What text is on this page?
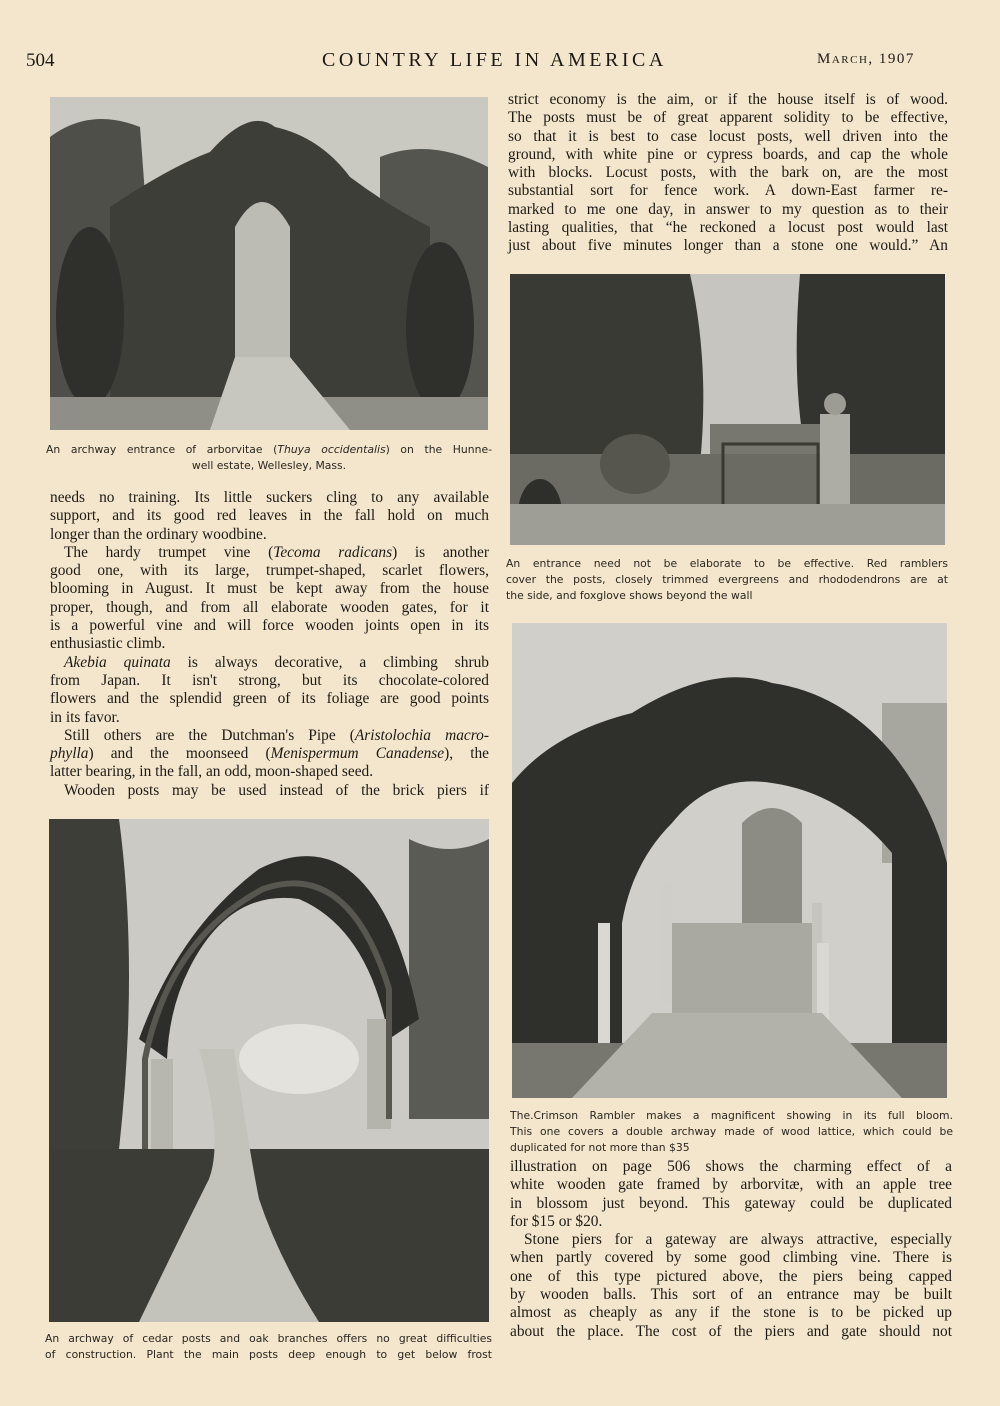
504	COUNTRY LIFE IN AMERICA	March, 1907

An archway entrance of arborvitae (Thuya occidentalis) on the Hunne-
well estate, Wellesley, Mass.

strict economy is the aim, or if the house itself is of wood.
The posts must be of great apparent solidity to be effective,
so that it is best to case locust posts, well driven into the
ground, with white pine or cypress boards, and cap the whole
with blocks. Locust posts, with the bark on, are the most
substantial sort for fence work. A down-East farmer re-
marked to me one day, in answer to my question as to their
lasting qualities, that “he reckoned a locust post would last
just about five minutes longer than a stone one would.” An

An entrance need not be elaborate to be effective. Red ramblers
cover the posts, closely trimmed evergreens and rhododendrons are at
the side, and foxglove shows beyond the wall

needs no training. Its little suckers cling to any available
support, and its good red leaves in the fall hold on much
longer than the ordinary woodbine.
The hardy trumpet vine (Tecoma radicans) is another
good one, with its large, trumpet-shaped, scarlet flowers,
blooming in August. It must be kept away from the house
proper, though, and from all elaborate wooden gates, for it
is a powerful vine and will force wooden joints open in its
enthusiastic climb.
Akebia quinata is always decorative, a climbing shrub
from Japan. It isn't strong, but its chocolate-colored
flowers and the splendid green of its foliage are good points
in its favor.
Still others are the Dutchman's Pipe (Aristolochia macro-
phylla) and the moonseed (Menispermum Canadense), the
latter bearing, in the fall, an odd, moon-shaped seed.
Wooden posts may be used instead of the brick piers if

The.Crimson Rambler makes a magnificent showing in its full bloom.
This one covers a double archway made of wood lattice, which could be
duplicated for not more than $35

illustration on page 506 shows the charming effect of a
white wooden gate framed by arborvitæ, with an apple tree
in blossom just beyond. This gateway could be duplicated
for $15 or $20.
Stone piers for a gateway are always attractive, especially
when partly covered by some good climbing vine. There is
one of this type pictured above, the piers being capped
by wooden balls. This sort of an entrance may be built
almost as cheaply as any if the stone is to be picked up
about the place. The cost of the piers and gate should not

An archway of cedar posts and oak branches offers no great difficulties
of construction. Plant the main posts deep enough to get below frost
